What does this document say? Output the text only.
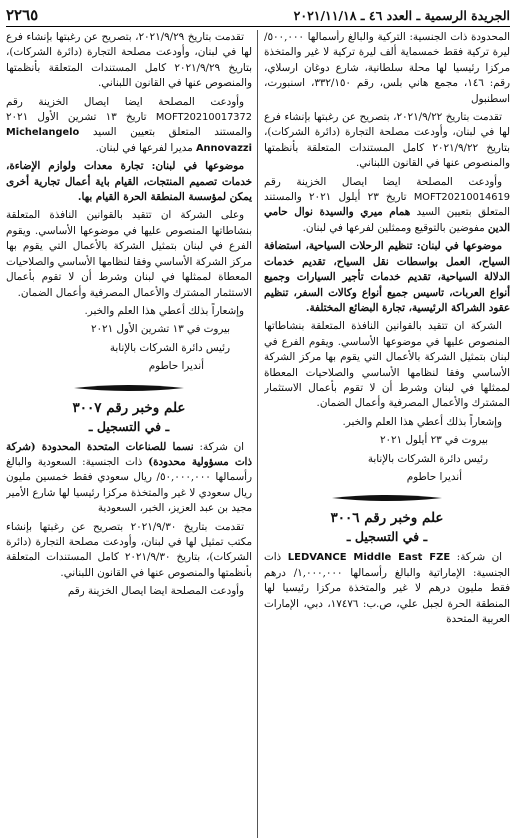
الجريدة الرسمية ـ العدد ٤٦ ـ ٢٠٢١/١١/١٨
٢٢٦٥

المحدودة ذات الجنسية: التركية والبالغ رأسمالها ٥٠٠,٠٠٠/ ليرة تركية فقط خمسماية ألف ليرة تركية لا غير والمتخذة مركزا رئيسيا لها محلة سلطانية، شارع دوغان ارسلاي، رقم: ١٤٦، مجمع هاني بلس، رقم ٣٣٢/١٥٠، اسنبورت، اسطنبول

تقدمت بتاريخ ٢٠٢١/٩/٢٢، بتصريح عن رغبتها بإنشاء فرع لها في لبنان، وأودعت مصلحة التجارة (دائرة الشركات)، بتاريخ ٢٠٢١/٩/٢٢ كامل المستندات المتعلقة بأنظمتها والمنصوص عنها في القانون اللبناني.

وأودعت المصلحة ايضا ايصال الخزينة رقم MOFT20210014619 تاريخ ٢٣ أيلول ٢٠٢١ والمستند المتعلق بتعيين السيد همام ميري والسيدة نوال حامي الدين مفوضين بالتوقيع وممثلين لفرعها في لبنان.

موضوعها في لبنان: تنظيم الرحلات السياحية، استضافة السياح، العمل بواسطات نقل السياح، تقديم خدمات الدلالة السياحية، تقديم خدمات تأجير السيارات وجميع أنواع العربات، تاسيس جميع أنواع وكالات السفر، تنظيم عقود الشراكة الرئيسية، تجارة البضائع المختلفة.

الشركة ان تتقيد بالقوانين النافذة المتعلقة بنشاطاتها المنصوص عليها في موضوعها الأساسي. ويقوم الفرع في لبنان بتمثيل الشركة بالأعمال التي يقوم بها مركز الشركة الأساسي وفقا لنظامها الأساسي والصلاحيات المعطاة لممثلها في لبنان وشرط أن لا تقوم بأعمال الاستثمار المشترك والأعمال المصرفية وأعمال الضمان.

وإشعاراً بذلك أعطي هذا العلم والخبر.

بيروت في ٢٣ أيلول ٢٠٢١

رئيس دائرة الشركات بالإنابة

أنديرا حاطوم

علم وخبر رقم ٣٠٠٦
ـ في التسجيل ـ

ان شركة: LEDVANCE Middle East FZE ذات الجنسية: الإماراتية والبالغ رأسمالها ١,٠٠٠,٠٠٠/ درهم فقط مليون درهم لا غير والمتخذة مركزا رئيسيا لها المنطقة الحرة لجبل علي، ص.ب: ١٧٤٧٦، دبي، الإمارات العربية المتحدة

تقدمت بتاريخ ٢٠٢١/٩/٢٩، بتصريح عن رغبتها بإنشاء فرع لها في لبنان، وأودعت مصلحة التجارة (دائرة الشركات)، بتاريخ ٢٠٢١/٩/٢٩ كامل المستندات المتعلقة بأنظمتها والمنصوص عنها في القانون اللبناني.

وأودعت المصلحة ايضا ايصال الخزينة رقم MOFT20210017372 تاريخ ١٣ تشرين الأول ٢٠٢١ والمستند المتعلق بتعيين السيد Michelangelo Annovazzi مديرا لفرعها في لبنان.

موضوعها في لبنان: تجارة معدات ولوازم الإضاءة، خدمات تصميم المنتجات، القيام باية أعمال تجارية أخرى يمكن لمؤسسة المنطقة الحرة القيام بها.

وعلى الشركة ان تتقيد بالقوانين النافذة المتعلقة بنشاطاتها المنصوص عليها في موضوعها الأساسي. ويقوم الفرع في لبنان بتمثيل الشركة بالأعمال التي يقوم بها مركز الشركة الأساسي وفقا لنظامها الأساسي والصلاحيات المعطاة لممثلها في لبنان وشرط أن لا تقوم بأعمال الاستثمار المشترك والأعمال المصرفية وأعمال الضمان.

وإشعاراً بذلك أعطي هذا العلم والخبر.

بيروت في ١٣ تشرين الأول ٢٠٢١

رئيس دائرة الشركات بالإنابة

أنديرا حاطوم

علم وخبر رقم ٣٠٠٧
ـ في التسجيل ـ

ان شركة: نسما للصناعات المتحدة المحدودة (شركة ذات مسؤولية محدودة) ذات الجنسية: السعودية والبالغ رأسمالها ٥٠,٠٠٠,٠٠٠/ ريال سعودي فقط خمسين مليون ريال سعودي لا غير والمتخذة مركزا رئيسيا لها شارع الأمير مجيد بن عبد العزيز، الخبر، السعودية

تقدمت بتاريخ ٢٠٢١/٩/٣٠ بتصريح عن رغبتها بإنشاء مكتب تمثيل لها في لبنان، وأودعت مصلحة التجارة (دائرة الشركات)، بتاريخ ٢٠٢١/٩/٣٠ كامل المستندات المتعلقة بأنظمتها والمنصوص عنها في القانون اللبناني.

وأودعت المصلحة ايضا ايصال الخزينة رقم
